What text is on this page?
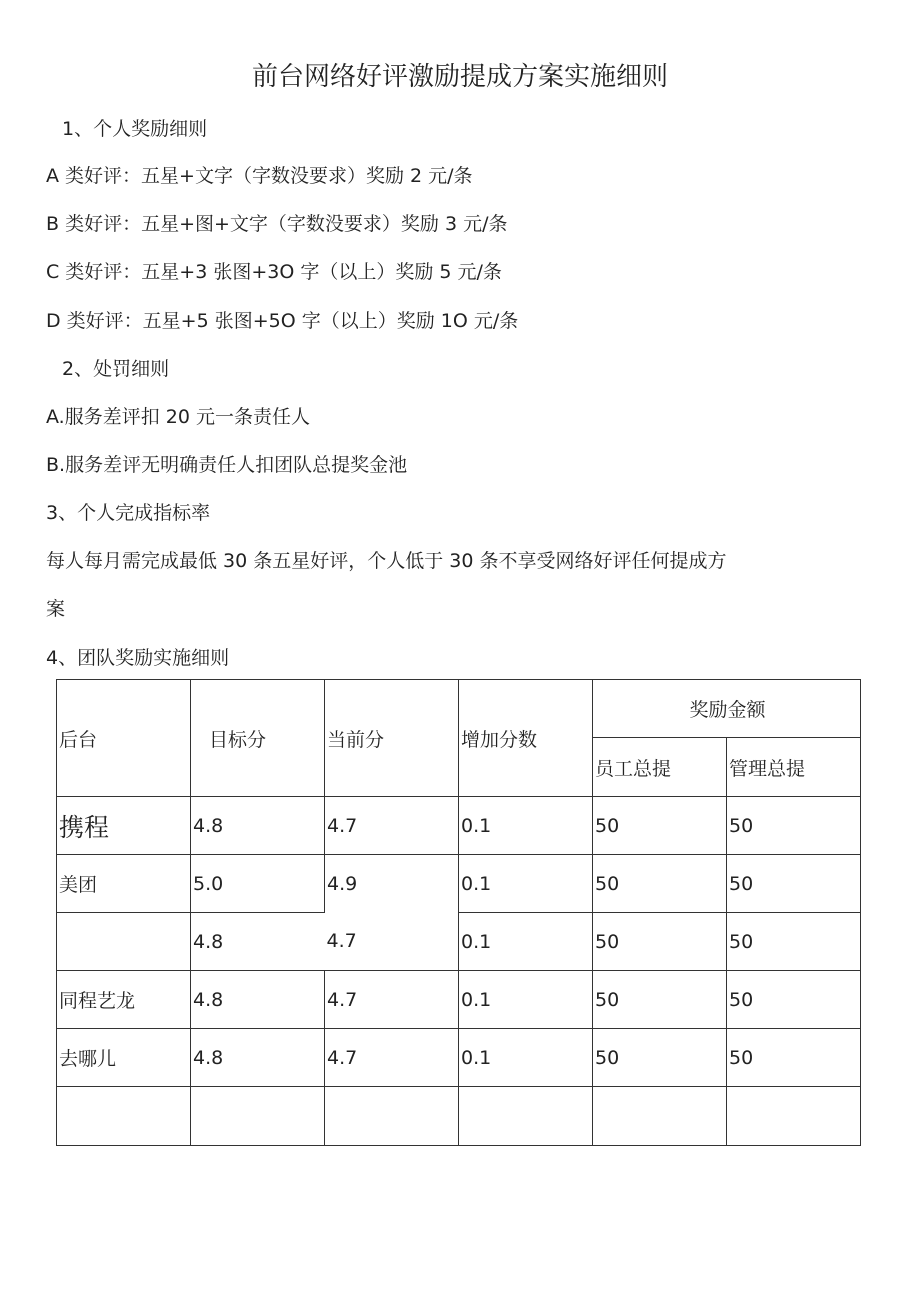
前台网络好评激励提成方案实施细则
1、个人奖励细则
A 类好评：五星+文字（字数没要求）奖励 2 元/条
B 类好评：五星+图+文字（字数没要求）奖励 3 元/条
C 类好评：五星+3 张图+3O 字（以上）奖励 5 元/条
D 类好评：五星+5 张图+5O 字（以上）奖励 1O 元/条
2、处罚细则
A.服务差评扣 20 元一条责任人
B.服务差评无明确责任人扣团队总提奖金池
3、个人完成指标率
每人每月需完成最低 30 条五星好评，个人低于 30 条不享受网络好评任何提成方
案
4、团队奖励实施细则
后台	目标分	当前分	增加分数	奖励金额	
				员工总提	管理总提
携程	4.8	4.7	0.1	50	50
美团	5.0	4.9	0.1	50	50
	4.8	4.7	0.1	50	50
同程艺龙	4.8	4.7	0.1	50	50
去哪儿	4.8	4.7	0.1	50	50
